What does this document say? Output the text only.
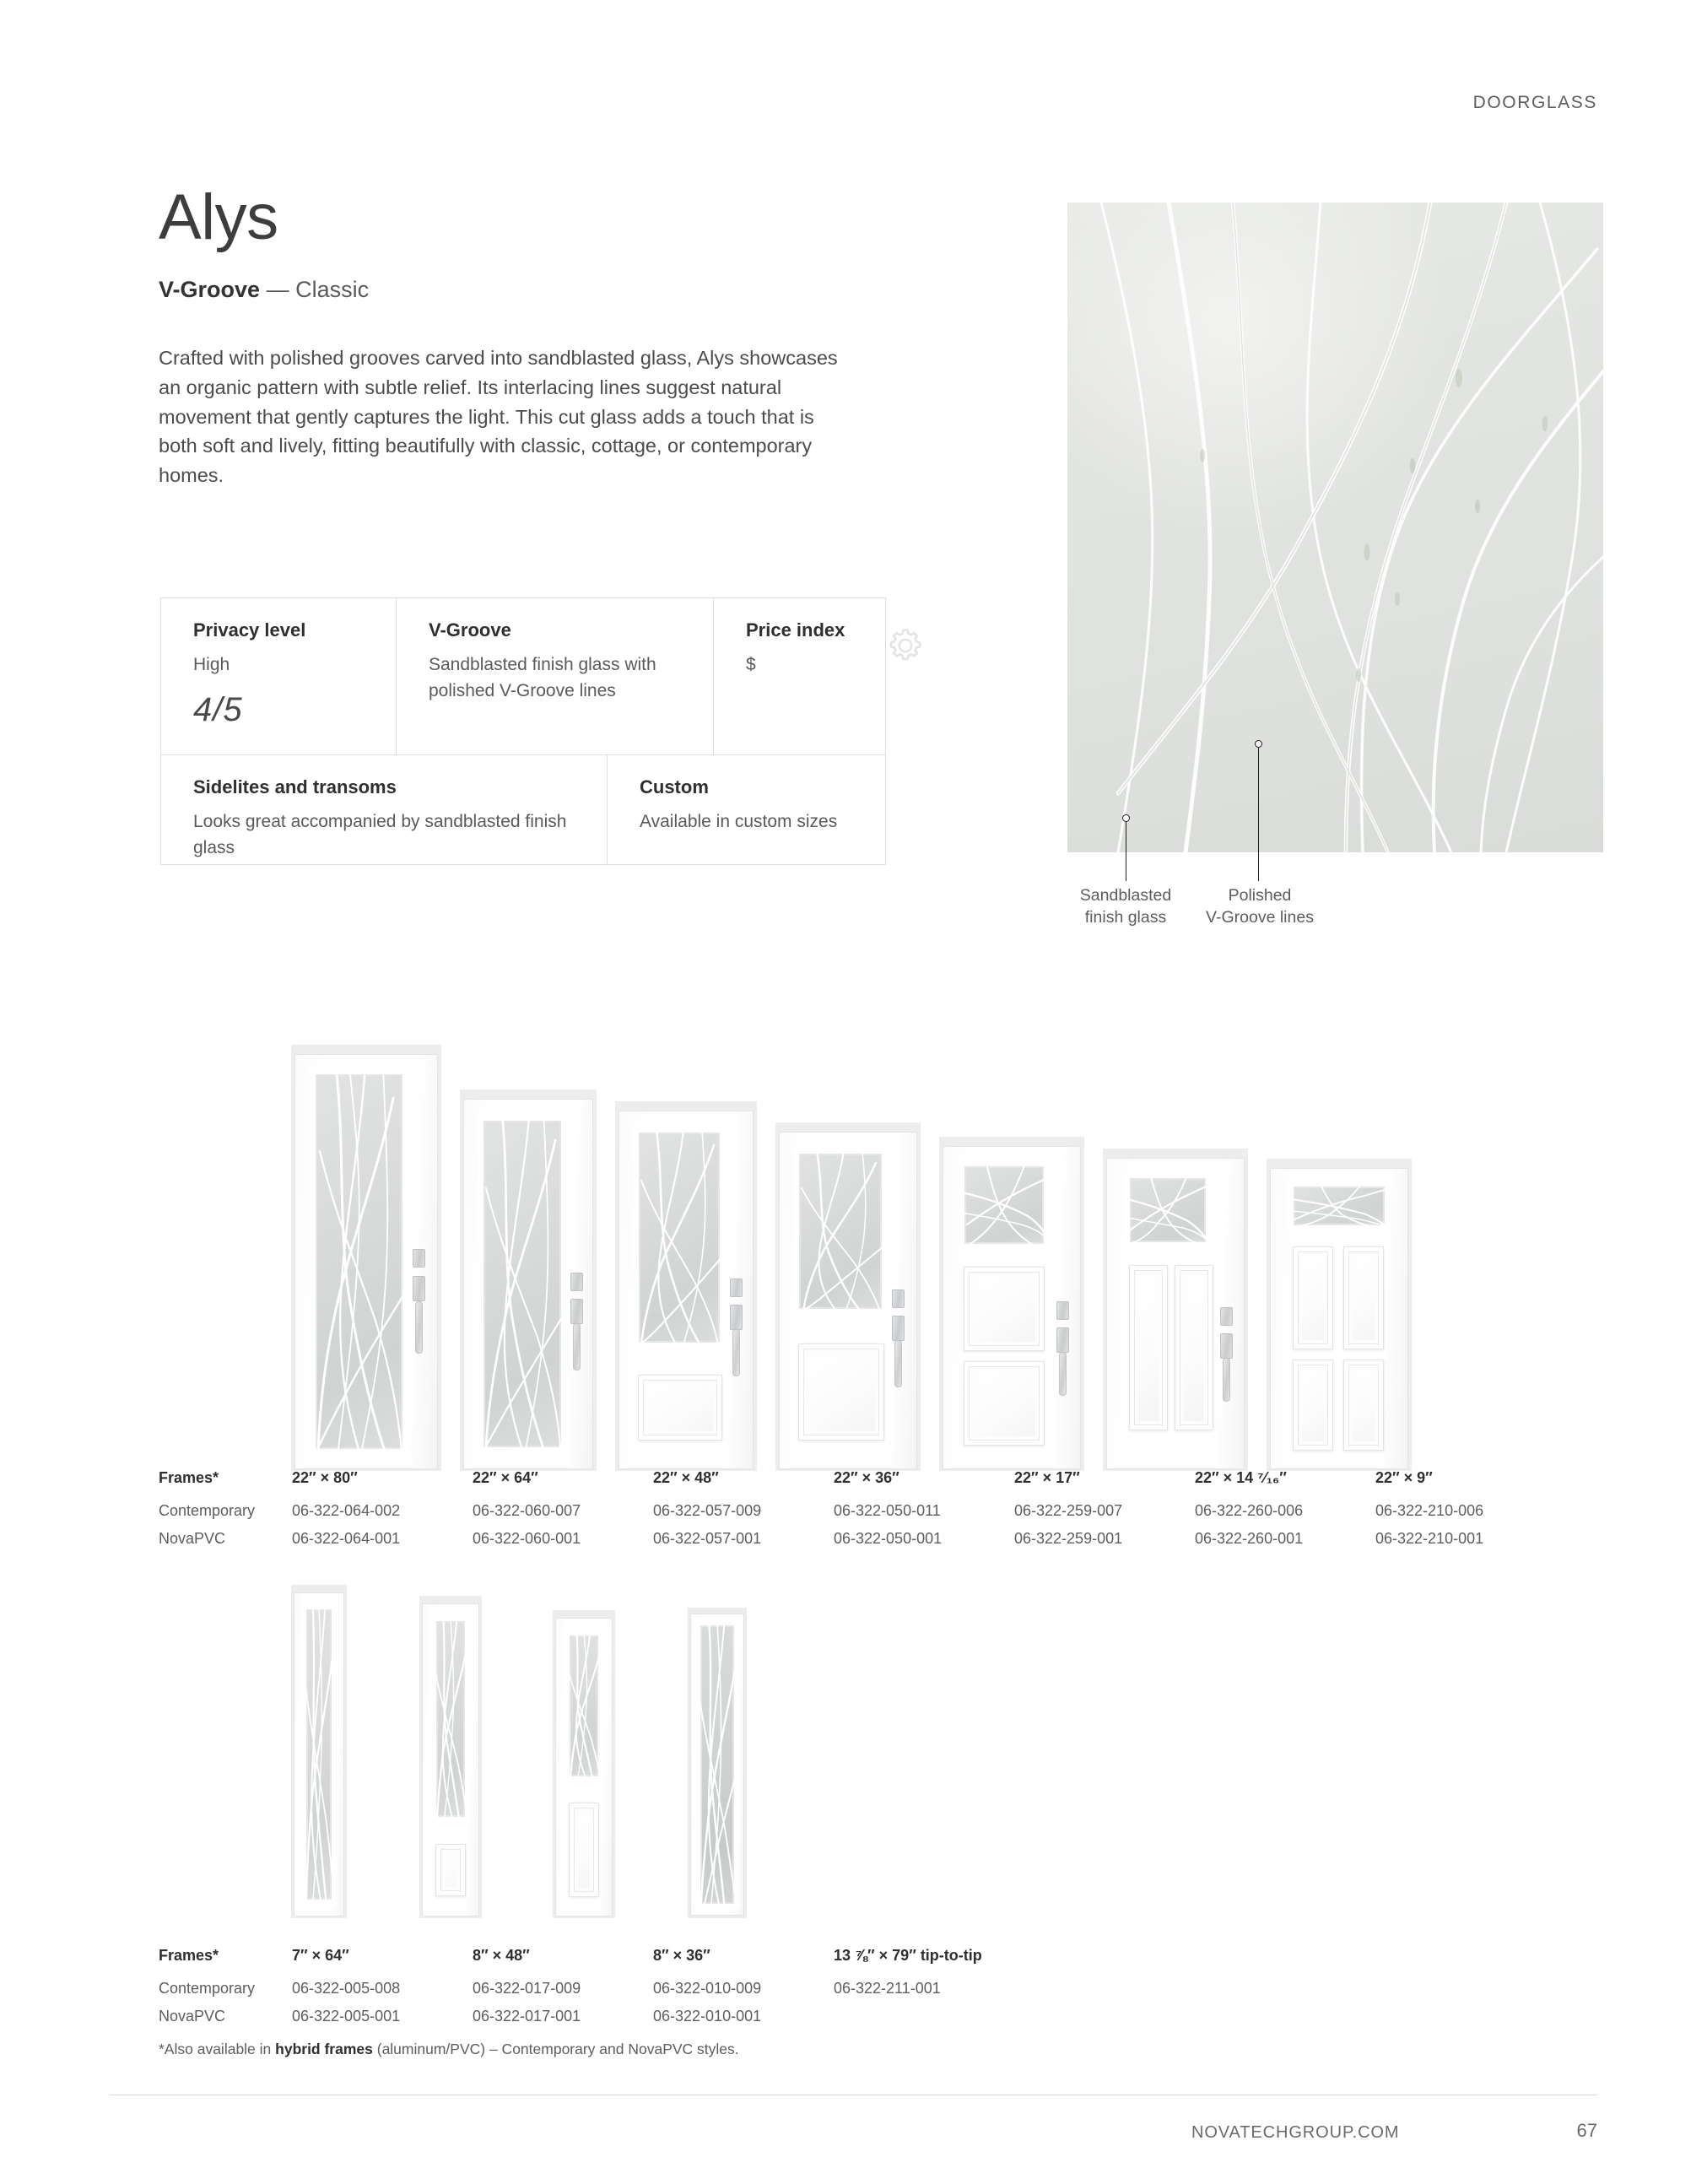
DOORGLASS
Alys
V-Groove — Classic

Crafted with polished grooves carved into sandblasted glass, Alys showcases an organic pattern with subtle relief. Its interlacing lines suggest natural movement that gently captures the light. This cut glass adds a touch that is both soft and lively, fitting beautifully with classic, cottage, or contemporary homes.

Privacy level
High
4/5
V-Groove
Sandblasted finish glass with polished V-Groove lines
Price index
$
Sidelites and transoms
Looks great accompanied by sandblasted finish glass
Custom
Available in custom sizes
Sandblasted
finish glass
Polished
V-Groove lines
Frames*
Contemporary
NovaPVC
22″ × 80″
06-322-064-002
06-322-064-001
22″ × 64″
06-322-060-007
06-322-060-001
22″ × 48″
06-322-057-009
06-322-057-001
22″ × 36″
06-322-050-011
06-322-050-001
22″ × 17″
06-322-259-007
06-322-259-001
22″ × 14 ⁷⁄₁₆″
06-322-260-006
06-322-260-001
22″ × 9″
06-322-210-006
06-322-210-001
Frames*
Contemporary
NovaPVC
7″ × 64″
06-322-005-008
06-322-005-001
8″ × 48″
06-322-017-009
06-322-017-001
8″ × 36″
06-322-010-009
06-322-010-001
13 ⅞″ × 79″ tip-to-tip
06-322-211-001
*Also available in hybrid frames (aluminum/PVC) – Contemporary and NovaPVC styles.
NOVATECHGROUP.COM	67
